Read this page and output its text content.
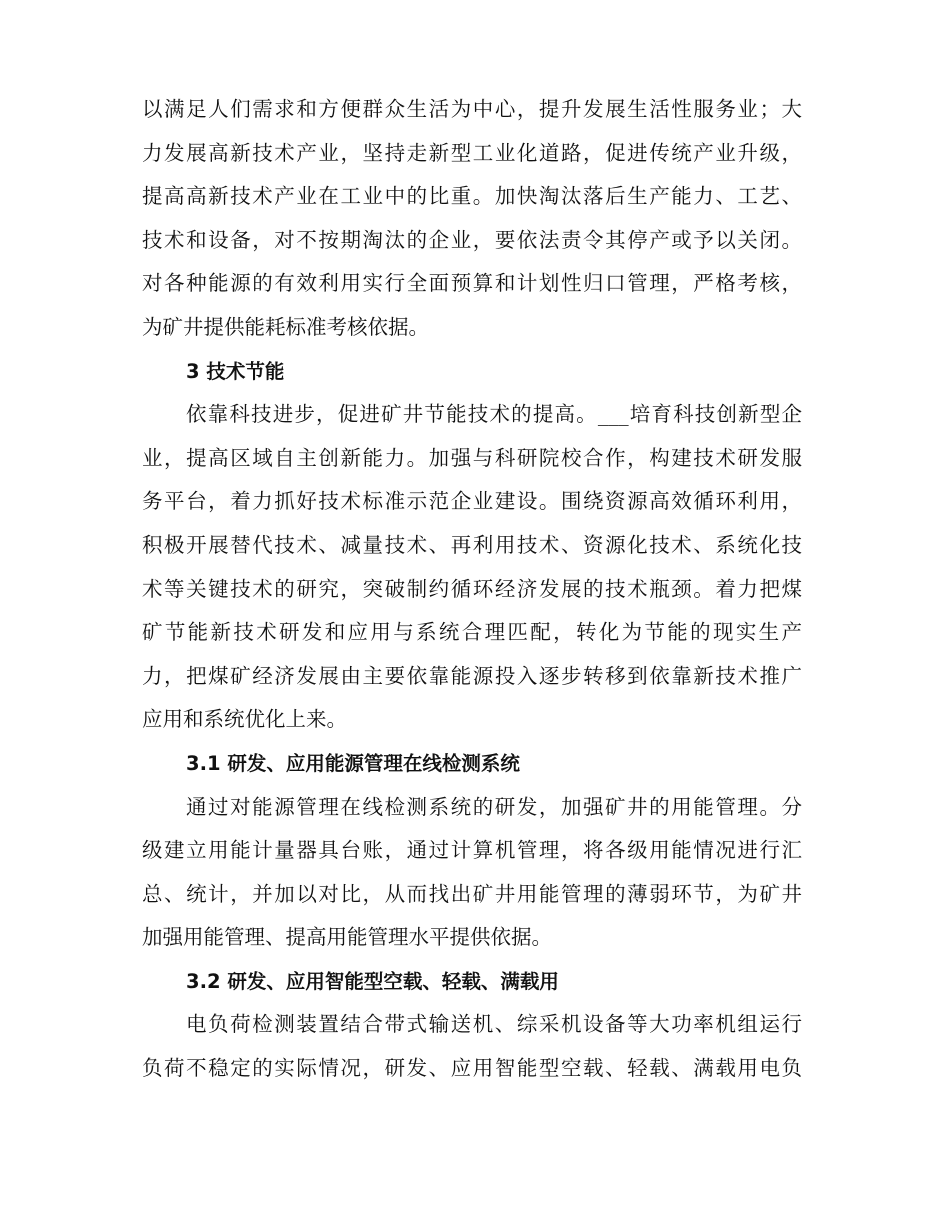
以满足人们需求和方便群众生活为中心，提升发展生活性服务业；大
力发展高新技术产业，坚持走新型工业化道路，促进传统产业升级，
提高高新技术产业在工业中的比重。加快淘汰落后生产能力、工艺、
技术和设备，对不按期淘汰的企业，要依法责令其停产或予以关闭。
对各种能源的有效利用实行全面预算和计划性归口管理，严格考核，
为矿井提供能耗标准考核依据。
3 技术节能
依靠科技进步，促进矿井节能技术的提高。___培育科技创新型企
业，提高区域自主创新能力。加强与科研院校合作，构建技术研发服
务平台，着力抓好技术标准示范企业建设。围绕资源高效循环利用，
积极开展替代技术、减量技术、再利用技术、资源化技术、系统化技
术等关键技术的研究，突破制约循环经济发展的技术瓶颈。着力把煤
矿节能新技术研发和应用与系统合理匹配，转化为节能的现实生产
力，把煤矿经济发展由主要依靠能源投入逐步转移到依靠新技术推广
应用和系统优化上来。
3.1 研发、应用能源管理在线检测系统
通过对能源管理在线检测系统的研发，加强矿井的用能管理。分
级建立用能计量器具台账，通过计算机管理，将各级用能情况进行汇
总、统计，并加以对比，从而找出矿井用能管理的薄弱环节，为矿井
加强用能管理、提高用能管理水平提供依据。
3.2 研发、应用智能型空载、轻载、满载用
电负荷检测装置结合带式输送机、综采机设备等大功率机组运行
负荷不稳定的实际情况，研发、应用智能型空载、轻载、满载用电负
